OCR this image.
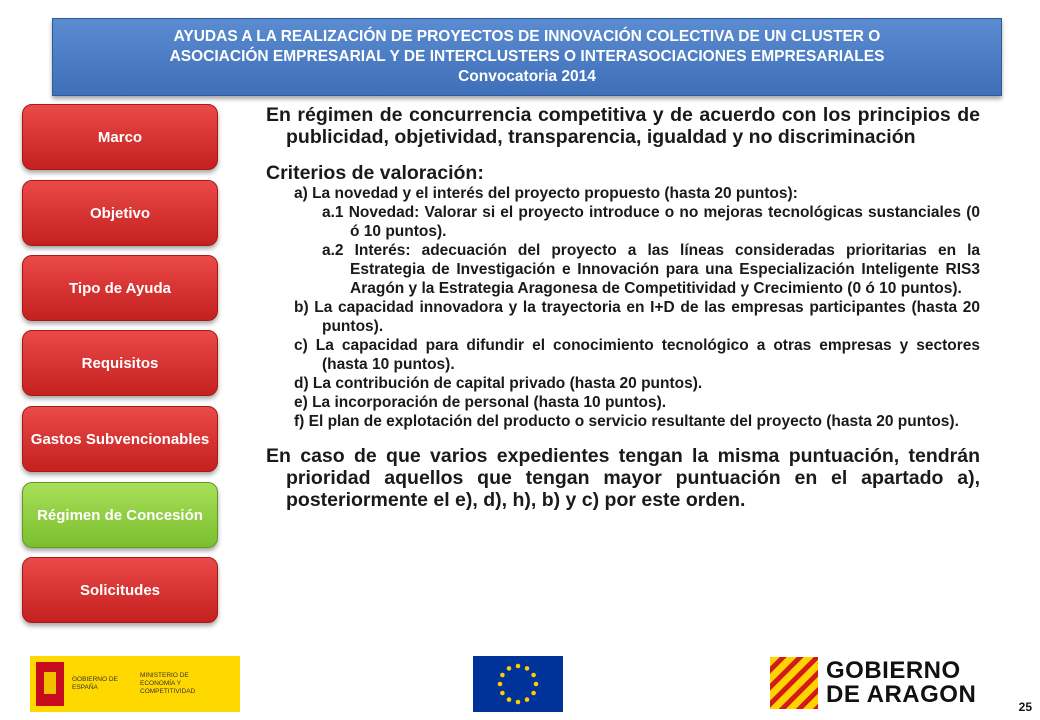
AYUDAS A LA REALIZACIÓN DE PROYECTOS DE INNOVACIÓN COLECTIVA DE UN CLUSTER O
ASOCIACIÓN EMPRESARIAL Y DE INTERCLUSTERS O INTERASOCIACIONES EMPRESARIALES
Convocatoria 2014
Marco
Objetivo
Tipo de Ayuda
Requisitos
Gastos Subvencionables
Régimen de Concesión
Solicitudes
En régimen de concurrencia competitiva y de acuerdo con los principios de publicidad, objetividad, transparencia, igualdad y no discriminación
Criterios de valoración:
a) La novedad y el interés del proyecto propuesto (hasta 20 puntos):
a.1 Novedad: Valorar si el proyecto introduce o no mejoras tecnológicas sustanciales (0 ó 10 puntos).
a.2 Interés: adecuación del proyecto a las líneas consideradas prioritarias en la Estrategia de Investigación e Innovación para una Especialización Inteligente RIS3 Aragón y la Estrategia Aragonesa de Competitividad y Crecimiento (0 ó 10 puntos).
b) La capacidad innovadora y la trayectoria en I+D de las empresas participantes (hasta 20 puntos).
c) La capacidad para difundir el conocimiento tecnológico a otras empresas y sectores (hasta 10 puntos).
d) La contribución de capital privado (hasta 20 puntos).
e) La incorporación de personal (hasta 10 puntos).
f) El plan de explotación del producto o servicio resultante del proyecto (hasta 20 puntos).
En caso de que varios expedientes tengan la misma puntuación, tendrán prioridad aquellos que tengan mayor puntuación en el apartado a), posteriormente el e), d), h), b) y c) por este orden.
GOBIERNO DE ESPAÑA
MINISTERIO DE ECONOMÍA Y COMPETITIVIDAD
GOBIERNO
DE ARAGON	25
